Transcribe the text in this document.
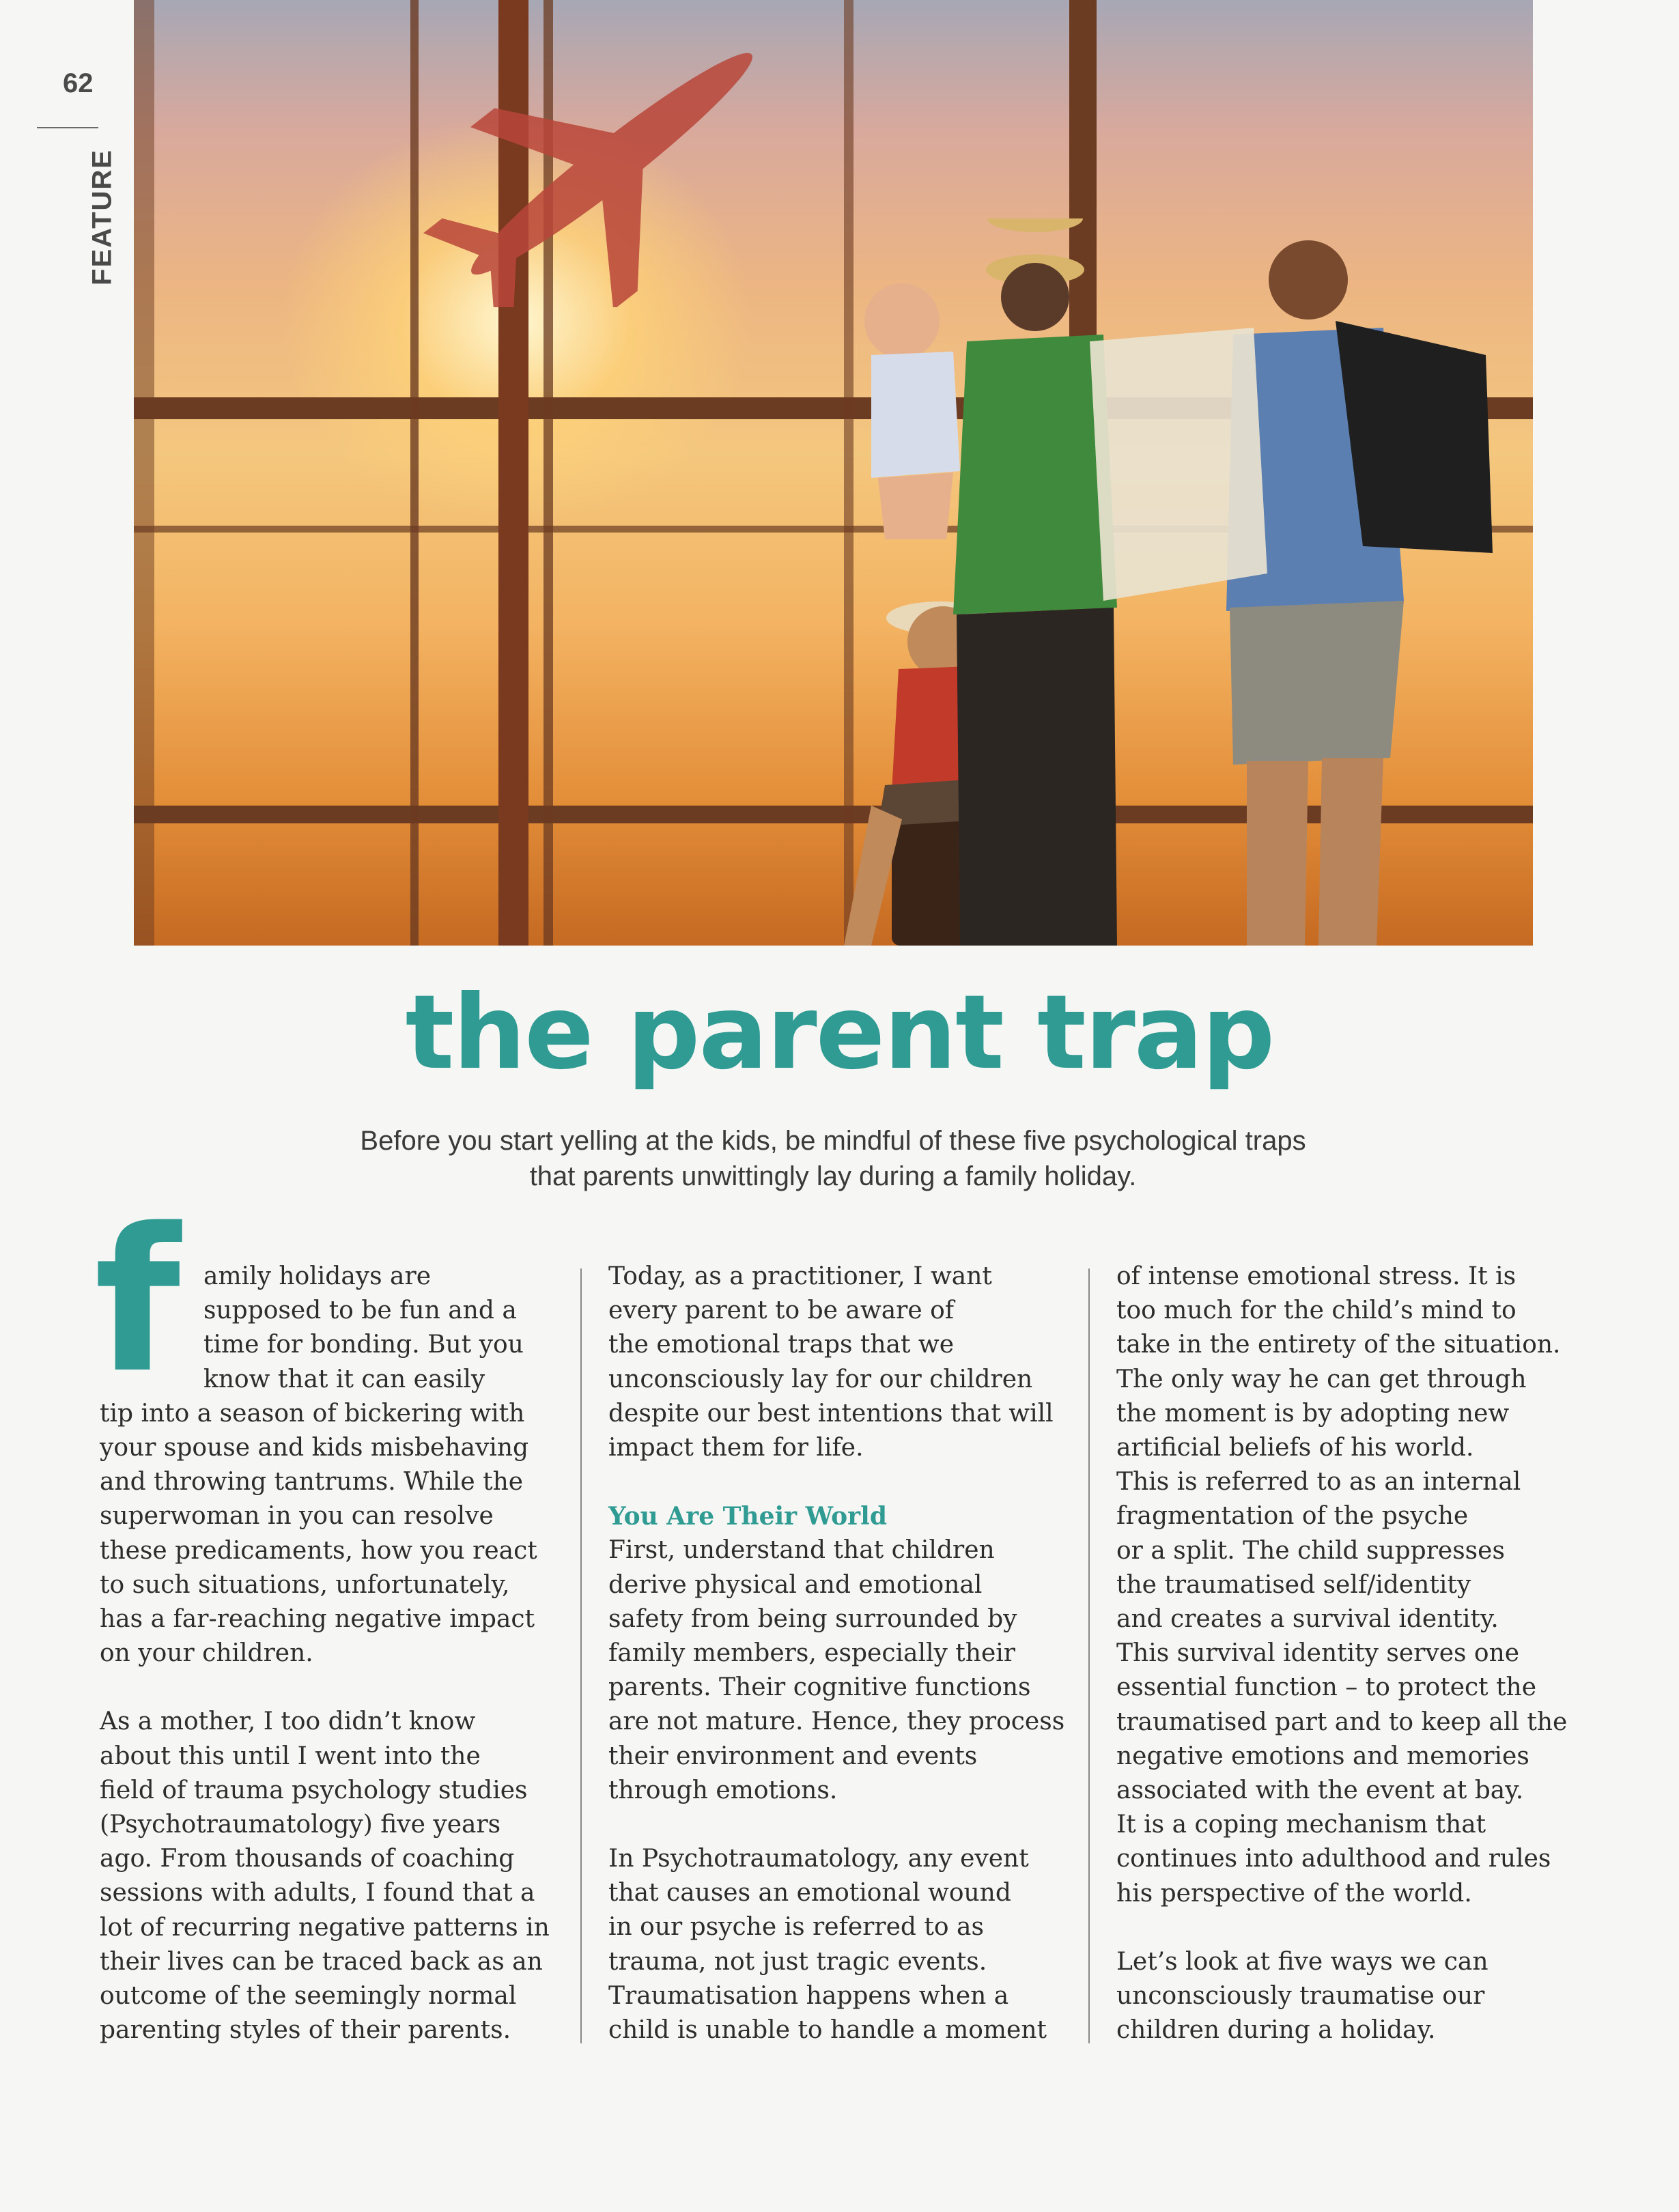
62
FEATURE
the parent trap
Before you start yelling at the kids, be mindful of these five psychological traps
that parents unwittingly lay during a family holiday.
f amily holidays are
supposed to be fun and a
time for bonding. But you
know that it can easily
tip into a season of bickering with
your spouse and kids misbehaving
and throwing tantrums. While the
superwoman in you can resolve
these predicaments, how you react
to such situations, unfortunately,
has a far-reaching negative impact
on your children.

As a mother, I too didn’t know
about this until I went into the
field of trauma psychology studies
(Psychotraumatology) five years
ago. From thousands of coaching
sessions with adults, I found that a
lot of recurring negative patterns in
their lives can be traced back as an
outcome of the seemingly normal
parenting styles of their parents.

Today, as a practitioner, I want
every parent to be aware of
the emotional traps that we
unconsciously lay for our children
despite our best intentions that will
impact them for life.

You Are Their World
First, understand that children
derive physical and emotional
safety from being surrounded by
family members, especially their
parents. Their cognitive functions
are not mature. Hence, they process
their environment and events
through emotions.

In Psychotraumatology, any event
that causes an emotional wound
in our psyche is referred to as
trauma, not just tragic events.
Traumatisation happens when a
child is unable to handle a moment

of intense emotional stress. It is
too much for the child’s mind to
take in the entirety of the situation.
The only way he can get through
the moment is by adopting new
artificial beliefs of his world.
This is referred to as an internal
fragmentation of the psyche
or a split. The child suppresses
the traumatised self/identity
and creates a survival identity.
This survival identity serves one
essential function – to protect the
traumatised part and to keep all the
negative emotions and memories
associated with the event at bay.
It is a coping mechanism that
continues into adulthood and rules
his perspective of the world.

Let’s look at five ways we can
unconsciously traumatise our
children during a holiday.
